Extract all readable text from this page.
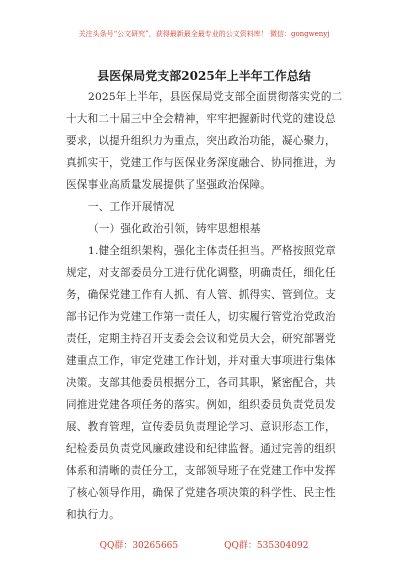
关注头条号“公文研究”，获得最新最全最专业的公文资料库！ 微信：gongwenyj
县医保局党支部2025年上半年工作总结
2025年上半年，县医保局党支部全面贯彻落实党的二
十大和二十届三中全会精神，牢牢把握新时代党的建设总
要求，以提升组织力为重点，突出政治功能，凝心聚力，
真抓实干，党建工作与医保业务深度融合、协同推进，为
医保事业高质量发展提供了坚强政治保障。
一、工作开展情况
（一）强化政治引领，铸牢思想根基
1.健全组织架构，强化主体责任担当。严格按照党章
规定，对支部委员分工进行优化调整，明确责任，细化任
务，确保党建工作有人抓、有人管、抓得实、管到位。支
部书记作为党建工作第一责任人，切实履行管党治党政治
责任，定期主持召开支委会会议和党员大会，研究部署党
建重点工作，审定党建工作计划，并对重大事项进行集体
决策。支部其他委员根据分工，各司其职，紧密配合，共
同推进党建各项任务的落实。例如，组织委员负责党员发
展、教育管理，宣传委员负责理论学习、意识形态工作，
纪检委员负责党风廉政建设和纪律监督。通过完善的组织
体系和清晰的责任分工，支部领导班子在党建工作中发挥
了核心领导作用，确保了党建各项决策的科学性、民主性
和执行力。
QQ群：30265665	QQ群：535304092
